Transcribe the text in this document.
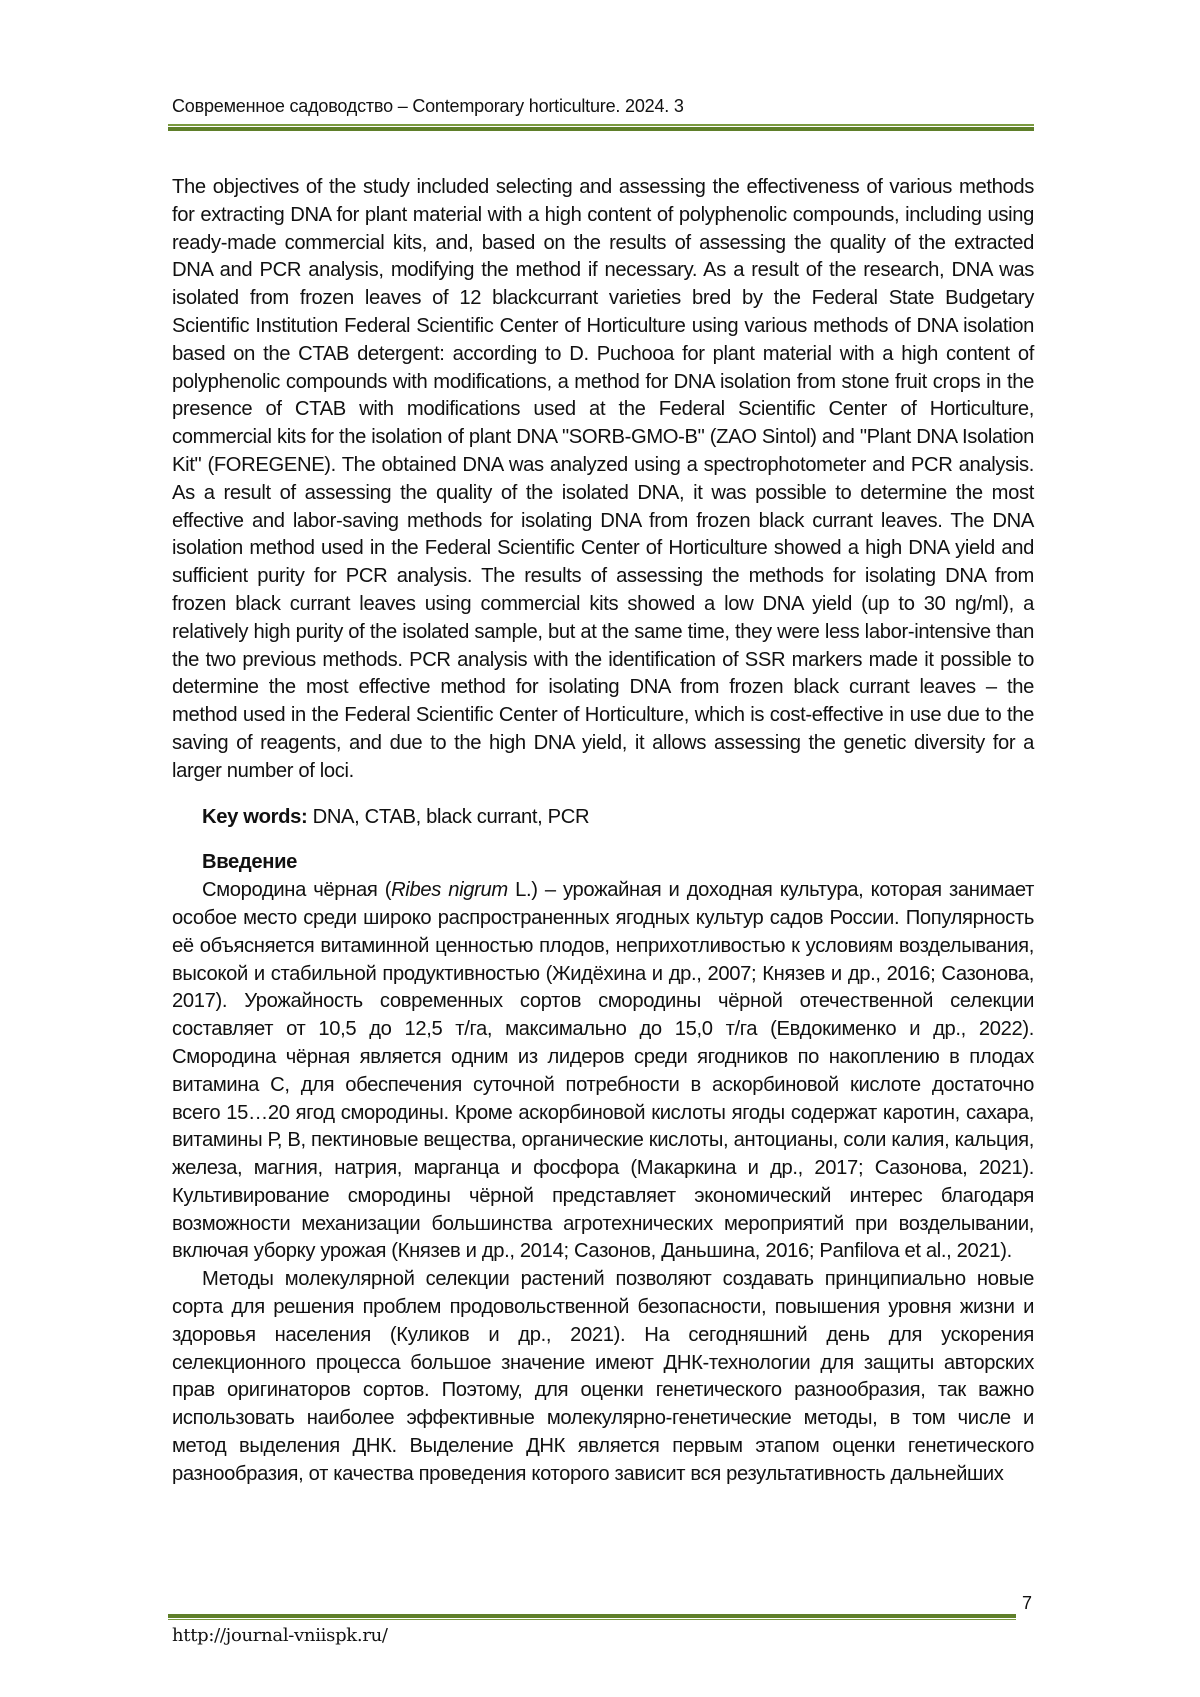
Современное садоводство – Contemporary horticulture. 2024. 3

The objectives of the study included selecting and assessing the effectiveness of various methods for extracting DNA for plant material with a high content of polyphenolic compounds, including using ready-made commercial kits, and, based on the results of assessing the quality of the extracted DNA and PCR analysis, modifying the method if necessary. As a result of the research, DNA was isolated from frozen leaves of 12 blackcurrant varieties bred by the Federal State Budgetary Scientific Institution Federal Scientific Center of Horticulture using various methods of DNA isolation based on the CTAB detergent: according to D. Puchooa for plant material with a high content of polyphenolic compounds with modifications, a method for DNA isolation from stone fruit crops in the presence of CTAB with modifications used at the Federal Scientific Center of Horticulture, commercial kits for the isolation of plant DNA "SORB-GMO-B" (ZAO Sintol) and "Plant DNA Isolation Kit" (FOREGENE). The obtained DNA was analyzed using a spectrophotometer and PCR analysis. As a result of assessing the quality of the isolated DNA, it was possible to determine the most effective and labor-saving methods for isolating DNA from frozen black currant leaves. The DNA isolation method used in the Federal Scientific Center of Horticulture showed a high DNA yield and sufficient purity for PCR analysis. The results of assessing the methods for isolating DNA from frozen black currant leaves using commercial kits showed a low DNA yield (up to 30 ng/ml), a relatively high purity of the isolated sample, but at the same time, they were less labor-intensive than the two previous methods. PCR analysis with the identification of SSR markers made it possible to determine the most effective method for isolating DNA from frozen black currant leaves – the method used in the Federal Scientific Center of Horticulture, which is cost-effective in use due to the saving of reagents, and due to the high DNA yield, it allows assessing the genetic diversity for a larger number of loci.

Key words: DNA, CTAB, black currant, PCR

Введение

Смородина чёрная (Ribes nigrum L.) – урожайная и доходная культура, которая занимает особое место среди широко распространенных ягодных культур садов России. Популярность её объясняется витаминной ценностью плодов, неприхотливостью к условиям возделывания, высокой и стабильной продуктивностью (Жидёхина и др., 2007; Князев и др., 2016; Сазонова, 2017). Урожайность современных сортов смородины чёрной отечественной селекции составляет от 10,5 до 12,5 т/га, максимально до 15,0 т/га (Евдокименко и др., 2022). Смородина чёрная является одним из лидеров среди ягодников по накоплению в плодах витамина С, для обеспечения суточной потребности в аскорбиновой кислоте достаточно всего 15…20 ягод смородины. Кроме аскорбиновой кислоты ягоды содержат каротин, сахара, витамины Р, В, пектиновые вещества, органические кислоты, антоцианы, соли калия, кальция, железа, магния, натрия, марганца и фосфора (Макаркина и др., 2017; Сазонова, 2021). Культивирование смородины чёрной представляет экономический интерес благодаря возможности механизации большинства агротехнических мероприятий при возделывании, включая уборку урожая (Князев и др., 2014; Сазонов, Даньшина, 2016; Panfilova et al., 2021).

Методы молекулярной селекции растений позволяют создавать принципиально новые сорта для решения проблем продовольственной безопасности, повышения уровня жизни и здоровья населения (Куликов и др., 2021). На сегодняшний день для ускорения селекционного процесса большое значение имеют ДНК-технологии для защиты авторских прав оригинаторов сортов. Поэтому, для оценки генетического разнообразия, так важно использовать наиболее эффективные молекулярно-генетические методы, в том числе и метод выделения ДНК. Выделение ДНК является первым этапом оценки генетического разнообразия, от качества проведения которого зависит вся результативность дальнейших

7
http://journal-vniispk.ru/
